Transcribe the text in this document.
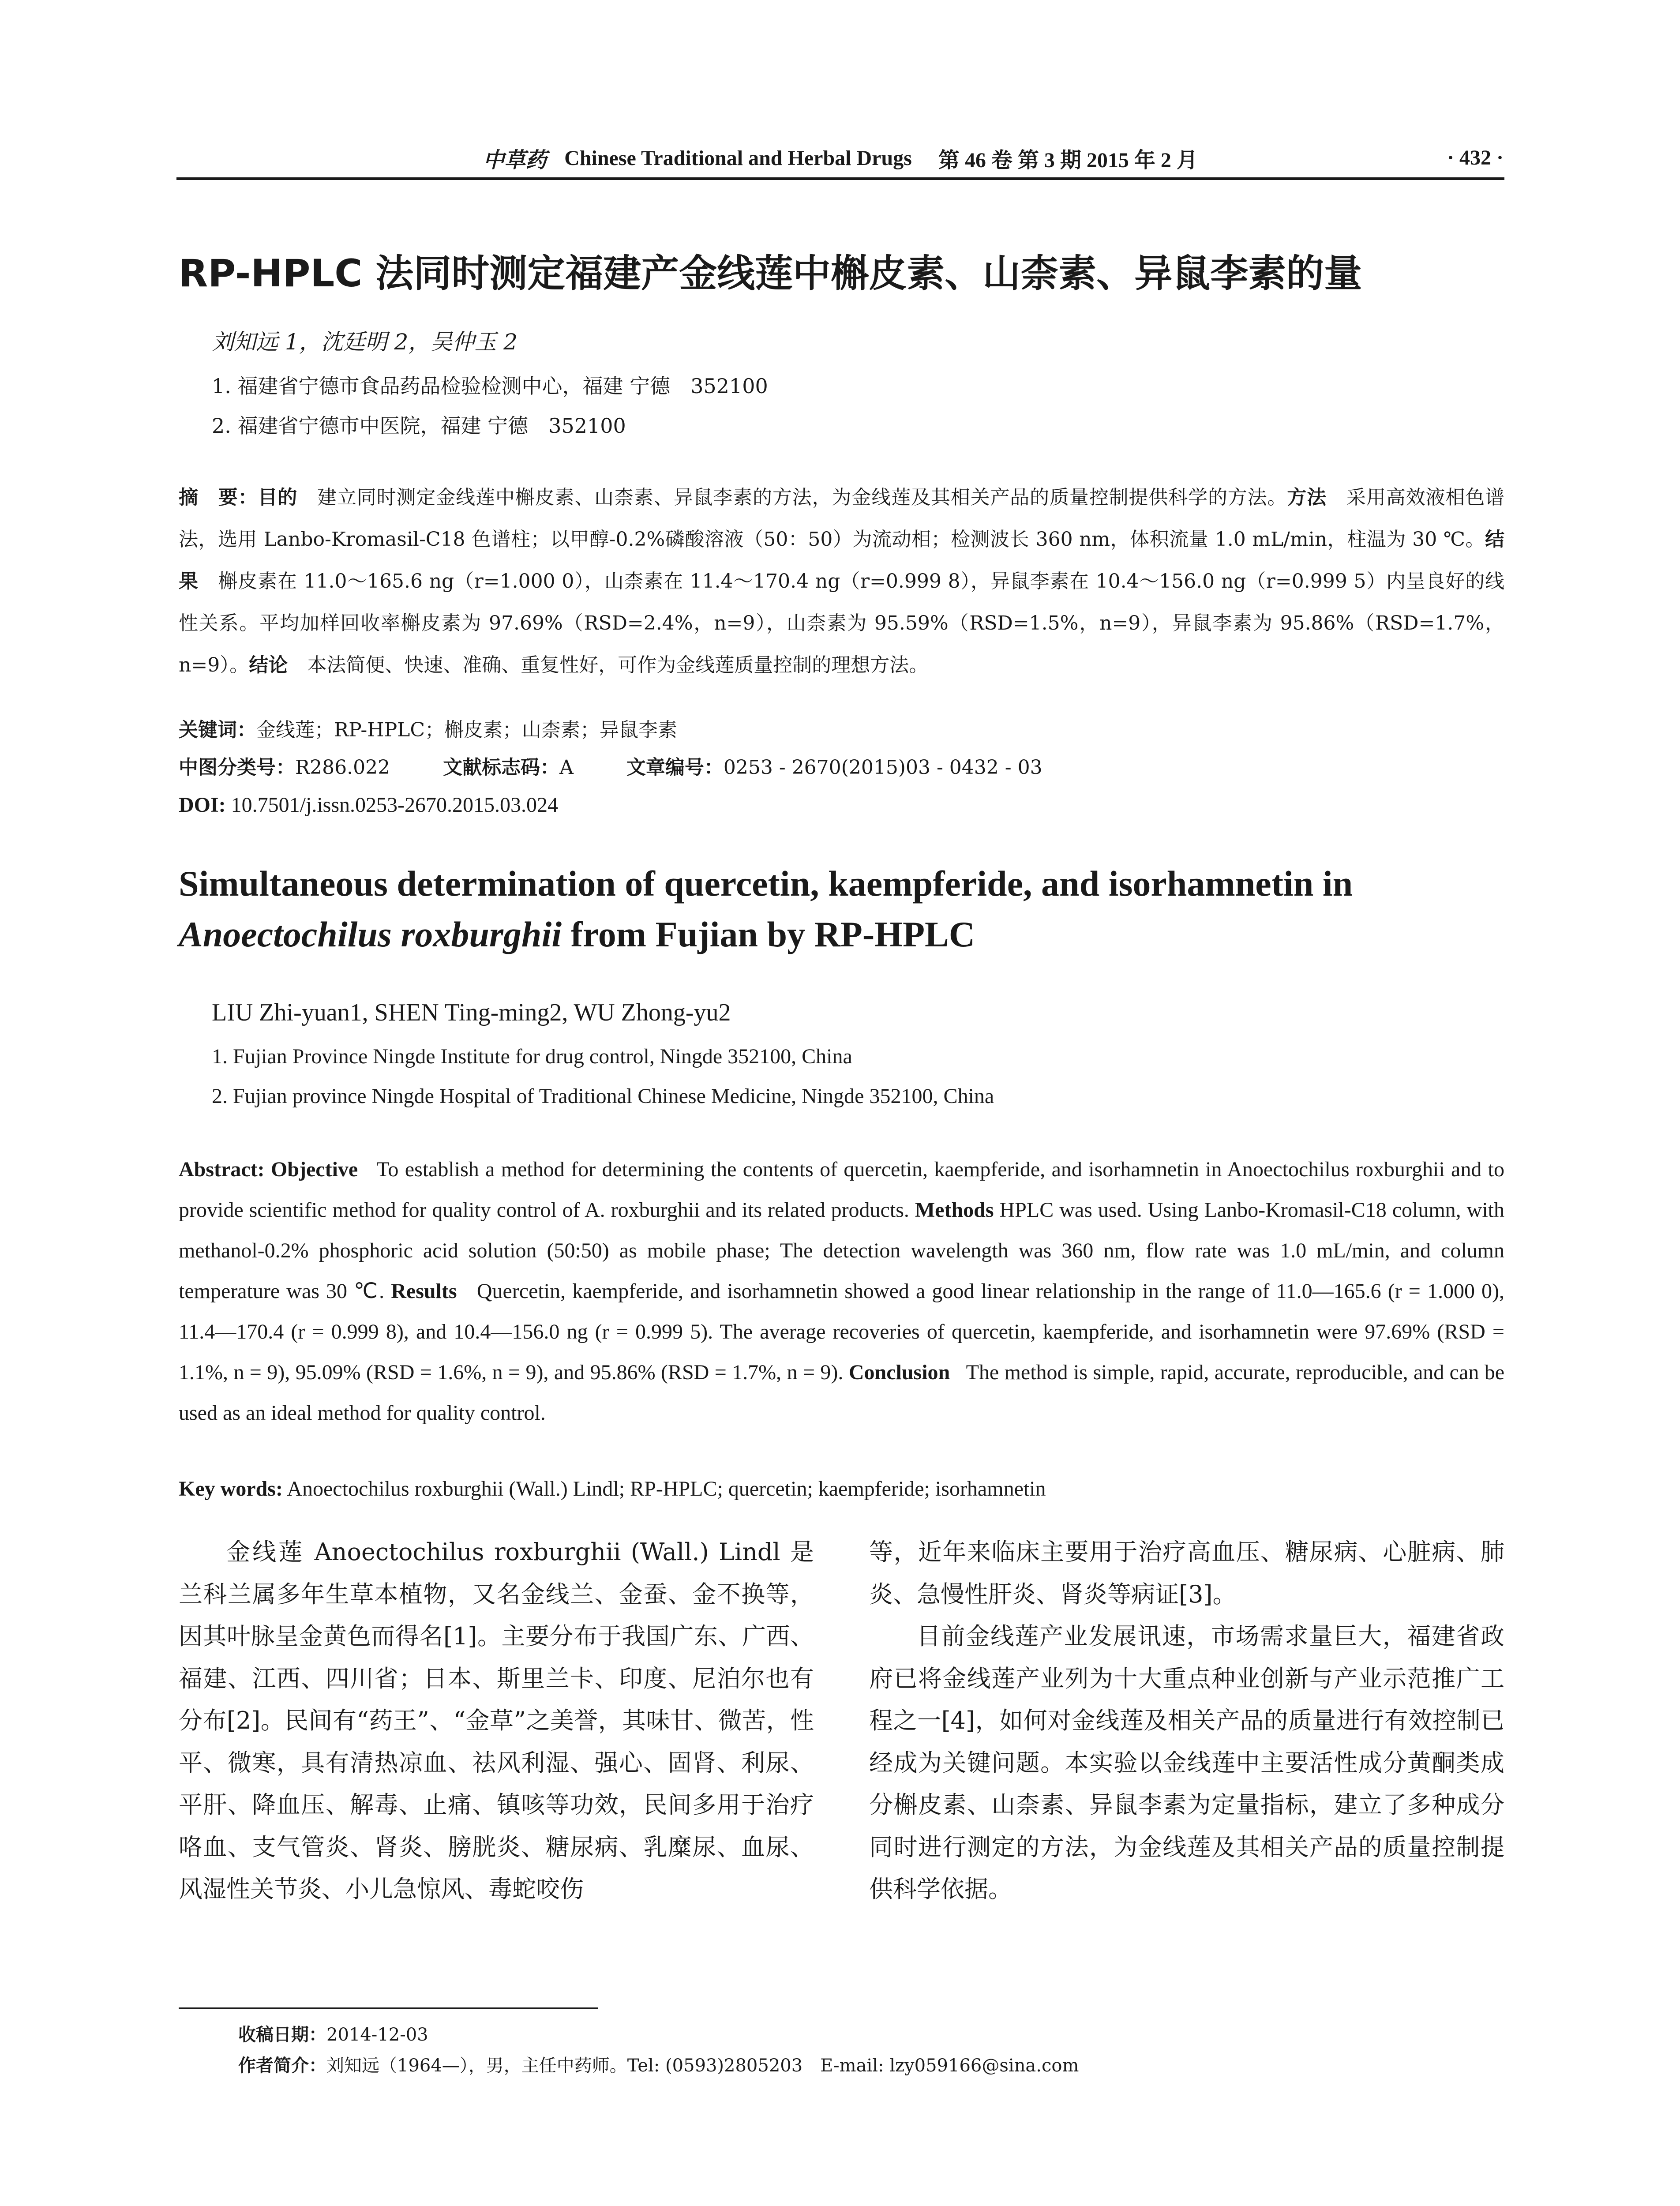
中草药 Chinese Traditional and Herbal Drugs 第 46 卷 第 3 期 2015 年 2 月	· 432 ·
RP-HPLC 法同时测定福建产金线莲中槲皮素、山柰素、异鼠李素的量
刘知远 1，沈廷明 2，吴仲玉 2
1. 福建省宁德市食品药品检验检测中心，福建 宁德　352100
2. 福建省宁德市中医院，福建 宁德　352100
摘　要：目的　 建立同时测定金线莲中槲皮素、山柰素、异鼠李素的方法，为金线莲及其相关产品的质量控制提供科学的方法。方法　 采用高效液相色谱法，选用 Lanbo-Kromasil-C18 色谱柱；以甲醇-0.2%磷酸溶液（50：50）为流动相；检测波长 360 nm，体积流量 1.0 mL/min，柱温为 30 ℃。结果　 槲皮素在 11.0～165.6 ng（r=1.000 0），山柰素在 11.4～170.4 ng（r=0.999 8），异鼠李素在 10.4～156.0 ng（r=0.999 5）内呈良好的线性关系。平均加样回收率槲皮素为 97.69%（RSD=2.4%，n=9），山柰素为 95.59%（RSD=1.5%，n=9），异鼠李素为 95.86%（RSD=1.7%，n=9）。结论　 本法简便、快速、准确、重复性好，可作为金线莲质量控制的理想方法。
关键词：金线莲；RP-HPLC；槲皮素；山柰素；异鼠李素
中图分类号：R286.022	文献标志码：A	文章编号：0253 - 2670(2015)03 - 0432 - 03
DOI: 10.7501/j.issn.0253-2670.2015.03.024
Simultaneous determination of quercetin, kaempferide, and isorhamnetin in
Anoectochilus roxburghii from Fujian by RP-HPLC
LIU Zhi-yuan1, SHEN Ting-ming2, WU Zhong-yu2
1. Fujian Province Ningde Institute for drug control, Ningde 352100, China
2. Fujian province Ningde Hospital of Traditional Chinese Medicine, Ningde 352100, China
Abstract: Objective To establish a method for determining the contents of quercetin, kaempferide, and isorhamnetin in Anoectochilus roxburghii and to provide scientific method for quality control of A. roxburghii and its related products. Methods HPLC was used. Using Lanbo-Kromasil-C18 column, with methanol-0.2% phosphoric acid solution (50:50) as mobile phase; The detection wavelength was 360 nm, flow rate was 1.0 mL/min, and column temperature was 30 ℃. Results Quercetin, kaempferide, and isorhamnetin showed a good linear relationship in the range of 11.0—165.6 (r = 1.000 0), 11.4—170.4 (r = 0.999 8), and 10.4—156.0 ng (r = 0.999 5). The average recoveries of quercetin, kaempferide, and isorhamnetin were 97.69% (RSD = 1.1%, n = 9), 95.09% (RSD = 1.6%, n = 9), and 95.86% (RSD = 1.7%, n = 9). Conclusion The method is simple, rapid, accurate, reproducible, and can be used as an ideal method for quality control.
Key words: Anoectochilus roxburghii (Wall.) Lindl; RP-HPLC; quercetin; kaempferide; isorhamnetin

金线莲 Anoectochilus roxburghii (Wall.) Lindl 是兰科兰属多年生草本植物，又名金线兰、金蚕、金不换等，因其叶脉呈金黄色而得名[1]。主要分布于我国广东、广西、福建、江西、四川省；日本、斯里兰卡、印度、尼泊尔也有分布[2]。民间有“药王”、“金草”之美誉，其味甘、微苦，性平、微寒，具有清热凉血、祛风利湿、强心、固肾、利尿、平肝、降血压、解毒、止痛、镇咳等功效，民间多用于治疗咯血、支气管炎、肾炎、膀胱炎、糖尿病、乳糜尿、血尿、风湿性关节炎、小儿急惊风、毒蛇咬伤

等，近年来临床主要用于治疗高血压、糖尿病、心脏病、肺炎、急慢性肝炎、肾炎等病证[3]。

目前金线莲产业发展讯速，市场需求量巨大，福建省政府已将金线莲产业列为十大重点种业创新与产业示范推广工程之一[4]，如何对金线莲及相关产品的质量进行有效控制已经成为关键问题。本实验以金线莲中主要活性成分黄酮类成分槲皮素、山柰素、异鼠李素为定量指标，建立了多种成分同时进行测定的方法，为金线莲及其相关产品的质量控制提供科学依据。

收稿日期：2014-12-03
作者简介：刘知远（1964—），男，主任中药师。Tel: (0593)2805203　E-mail: lzy059166@sina.com
